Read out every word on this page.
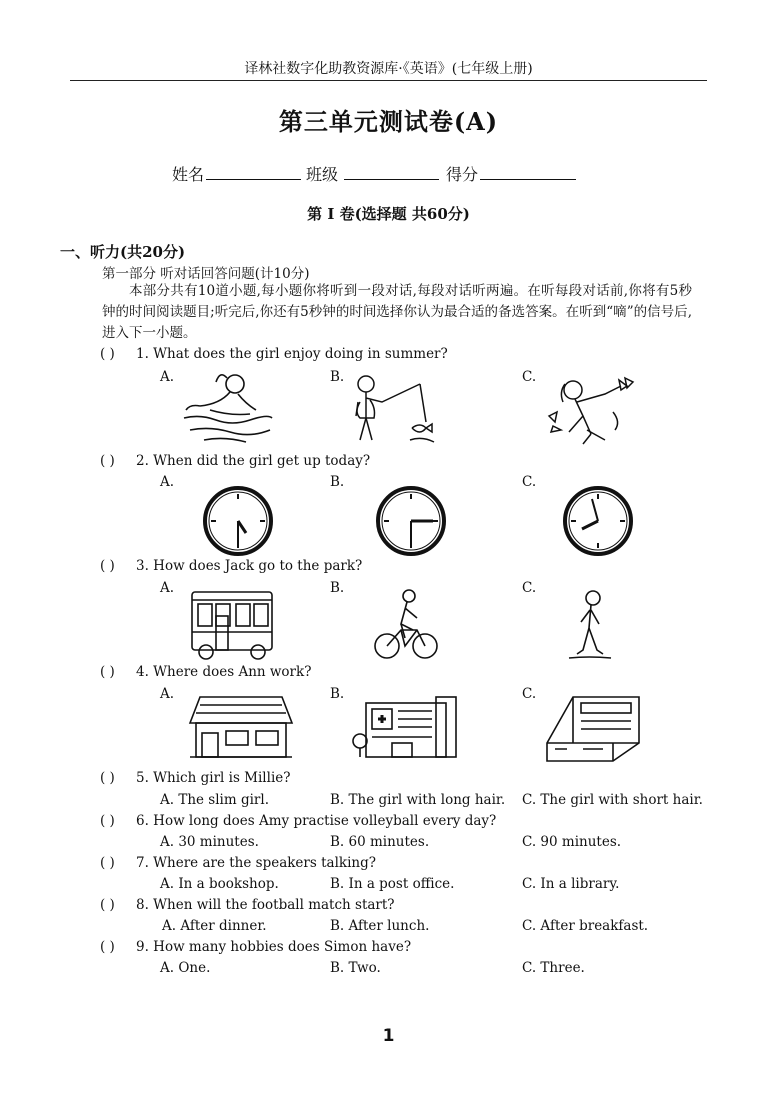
译林社数字化助教资源库·《英语》(七年级上册)
第三单元测试卷(A)
姓名	班级	得分
第 I 卷(选择题 共60分)
一、听力(共20分)
第一部分 听对话回答问题(计10分)
本部分共有10道小题,每小题你将听到一段对话,每段对话听两遍。在听每段对话前,你将有5秒钟的时间阅读题目;听完后,你还有5秒钟的时间选择你认为最合适的备选答案。在听到“嘀”的信号后,进入下一小题。
( ) 1. What does the girl enjoy doing in summer?
A.	B.	C.
( ) 2. When did the girl get up today?
A.	B.	C.
( ) 3. How does Jack go to the park?
A.	B.	C.
( ) 4. Where does Ann work?
A.	B.	C.
( ) 5. Which girl is Millie?
A. The slim girl.	B. The girl with long hair. C. The girl with short hair.
( ) 6. How long does Amy practise volleyball every day?
A. 30 minutes.	B. 60 minutes.	C. 90 minutes.
( ) 7. Where are the speakers talking?
A. In a bookshop.	B. In a post office.	C. In a library.
( ) 8. When will the football match start?
A. After dinner.	B. After lunch.	C. After breakfast.
( ) 9. How many hobbies does Simon have?
A. One.	B. Two.	C. Three.
1
